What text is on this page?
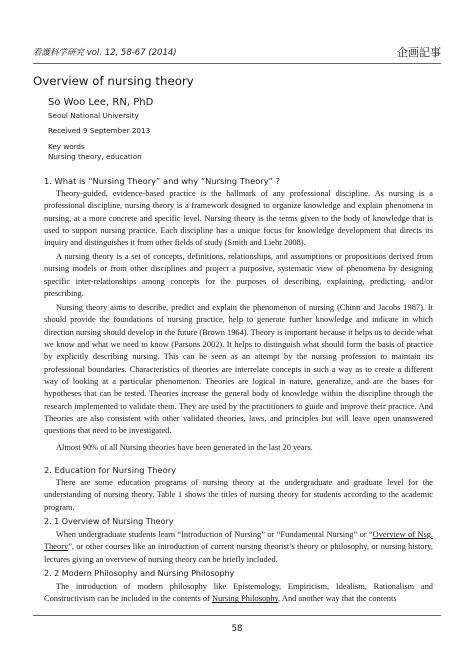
看護科学研究 vol. 12, 58-67 (2014)	企画記事
Overview of nursing theory
So Woo Lee, RN, PhD
Seoul National University
Received 9 September 2013
Key words
Nursing theory, education
1. What is “Nursing Theory” and why “Nursing Theory” ?

Theory-guided, evidence-based practice is the hallmark of any professional discipline. As nursing is a professional discipline, nursing theory is a framework designed to organize knowledge and explain phenomena in nursing, at a more concrete and specific level. Nursing theory is the terms given to the body of knowledge that is used to support nursing practice. Each discipline has a unique focus for knowledge development that directs its inquiry and distinguishes it from other fields of study (Smith and Liehr 2008).

A nursing theory is a set of concepts, definitions, relationships, and assumptions or propositions derived from nursing models or from other disciplines and project a purposive, systematic view of phenomena by designing specific inter-relationships among concepts for the purposes of describing, explaining, predicting, and/or prescribing.

Nursing theory aims to describe, predict and explain the phenomenon of nursing (Chinn and Jacobs 1987). It should provide the foundations of nursing practice, help to generate further knowledge and indicate in which direction nursing should develop in the future (Brown 1964). Theory is important because it helps us to decide what we know and what we need to know (Parsons 2002). It helps to distinguish what should form the basis of practice by explicitly describing nursing. This can be seen as an attempt by the nursing profession to maintain its professional boundaries. Characteristics of theories are interrelate concepts in such a way as to create a different way of looking at a particular phenomenon. Theories are logical in nature, generalize, and are the bases for hypotheses that can be tested. Theories increase the general body of knowledge within the discipline through the research implemented to validate them. They are used by the practitioners to guide and improve their practice. And Theories are also consistent with other validated theories, laws, and principles but will leave open unanswered questions that need to be investigated.

Almost 90% of all Nursing theories have been generated in the last 20 years.

2. Education for Nursing Theory

There are some education programs of nursing theory at the undergraduate and graduate level for the understanding of nursing theory. Table 1 shows the titles of nursing theory for students according to the academic program.

2. 1 Overview of Nursing Theory

When undergraduate students learn “Introduction of Nursing” or “Fundamental Nursing” or “Overview of Nsg. Theory”, or other courses like an introduction of current nursing theorist’s theory or philosophy, or nursing history, lectures giving an overview of nursing theory can be briefly included.

2. 2 Modern Philosophy and Nursing Philosophy

The introduction of modern philosophy like Epistemology, Empiricism, Idealism, Rationalism and Constructivism can be included in the contents of Nursing Philosophy. And another way that the contents

58
